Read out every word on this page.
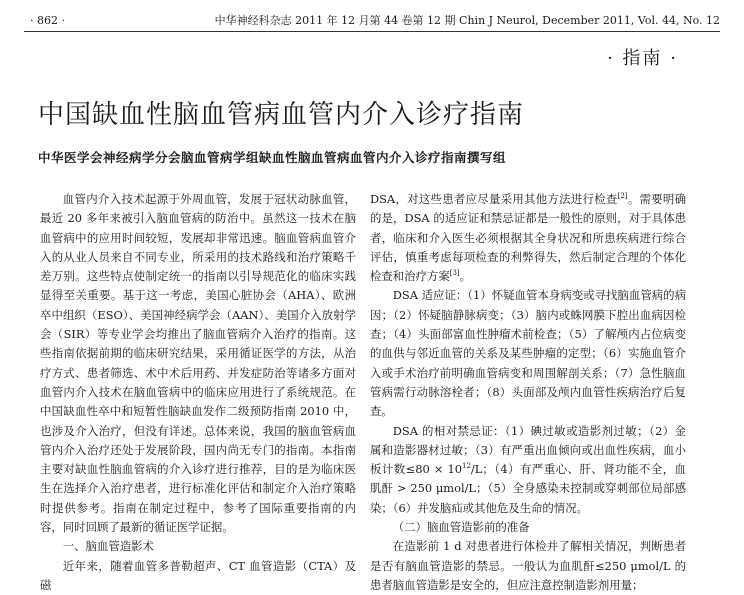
· 862 ·	中华神经科杂志 2011 年 12 月第 44 卷第 12 期 Chin J Neurol, December 2011, Vol. 44, No. 12
· 指南 ·
中国缺血性脑血管病血管内介入诊疗指南
中华医学会神经病学分会脑血管病学组缺血性脑血管病血管内介入诊疗指南撰写组

血管内介入技术起源于外周血管，发展于冠状动脉血管，最近 20 多年来被引入脑血管病的防治中。虽然这一技术在脑血管病中的应用时间较短，发展却非常迅速。脑血管病血管介入的从业人员来自不同专业，所采用的技术路线和治疗策略千差万别。这些特点使制定统一的指南以引导规范化的临床实践显得至关重要。基于这一考虑，美国心脏协会（AHA）、欧洲卒中组织（ESO）、美国神经病学会（AAN）、美国介入放射学会（SIR）等专业学会均推出了脑血管病介入治疗的指南。这些指南依据前期的临床研究结果，采用循证医学的方法，从治疗方式、患者筛选、术中术后用药、并发症防治等诸多方面对血管内介入技术在脑血管病中的临床应用进行了系统规范。在中国缺血性卒中和短暂性脑缺血发作二级预防指南 2010 中，也涉及介入治疗，但没有详述。总体来说，我国的脑血管病血管内介入治疗还处于发展阶段，国内尚无专门的指南。本指南主要对缺血性脑血管病的介入诊疗进行推荐，目的是为临床医生在选择介入治疗患者，进行标准化评估和制定介入治疗策略时提供参考。指南在制定过程中，参考了国际重要指南的内容，同时回顾了最新的循证医学证据。

一、脑血管造影术

近年来，随着血管多普勒超声、CT 血管造影（CTA）及磁

DSA，对这些患者应尽量采用其他方法进行检查[2]。需要明确的是，DSA 的适应证和禁忌证都是一般性的原则，对于具体患者，临床和介入医生必须根据其全身状况和所患疾病进行综合评估，慎重考虑每项检查的利弊得失，然后制定合理的个体化检查和治疗方案[3]。

DSA 适应证：（1）怀疑血管本身病变或寻找脑血管病的病因；（2）怀疑脑静脉病变；（3）脑内或蛛网膜下腔出血病因检查；（4）头面部富血性肿瘤术前检查；（5）了解颅内占位病变的血供与邻近血管的关系及某些肿瘤的定型；（6）实施血管介入或手术治疗前明确血管病变和周围解剖关系；（7）急性脑血管病需行动脉溶栓者；（8）头面部及颅内血管性疾病治疗后复查。

DSA 的相对禁忌证：（1）碘过敏或造影剂过敏；（2）金属和造影器材过敏；（3）有严重出血倾向或出血性疾病，血小板计数$\le 80 \times 10^{12}/L$；（4）有严重心、肝、肾功能不全，血肌酐 > 250 μmol/L；（5）全身感染未控制或穿刺部位局部感染；（6）并发脑疝或其他危及生命的情况。

（二）脑血管造影前的准备

在造影前 1 d 对患者进行体检并了解相关情况，判断患者是否有脑血管造影的禁忌。一般认为血肌酐≤250 μmol/L 的患者脑血管造影是安全的，但应注意控制造影剂用量；
